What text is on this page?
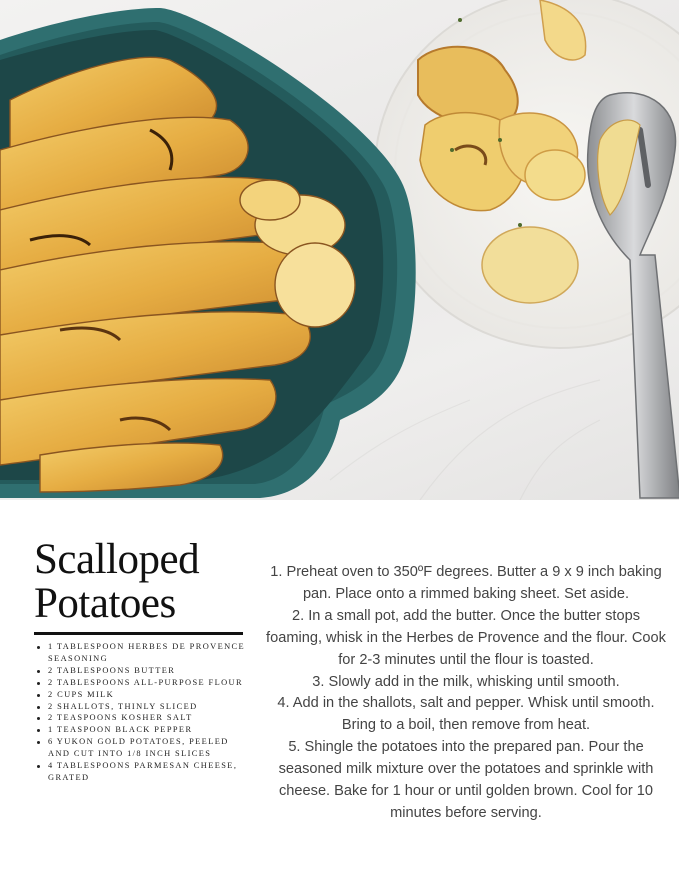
Scalloped
Potatoes
1 TABLESPOON HERBES DE PROVENCE SEASONING
2 TABLESPOONS BUTTER
2 TABLESPOONS ALL-PURPOSE FLOUR
2 CUPS MILK
2 SHALLOTS, THINLY SLICED
2 TEASPOONS KOSHER SALT
1 TEASPOON BLACK PEPPER
6 YUKON GOLD POTATOES, PEELED AND CUT INTO 1/8 INCH SLICES
4 TABLESPOONS PARMESAN CHEESE, GRATED

1. Preheat oven to 350ºF degrees. Butter a 9 x 9 inch baking pan. Place onto a rimmed baking sheet. Set aside.

2. In a small pot, add the butter. Once the butter stops foaming, whisk in the Herbes de Provence and the flour. Cook for 2-3 minutes until the flour is toasted.

3. Slowly add in the milk, whisking until smooth.

4. Add in the shallots, salt and pepper. Whisk until smooth. Bring to a boil, then remove from heat.

5. Shingle the potatoes into the prepared pan. Pour the seasoned milk mixture over the potatoes and sprinkle with cheese. Bake for 1 hour or until golden brown. Cool for 10 minutes before serving.
